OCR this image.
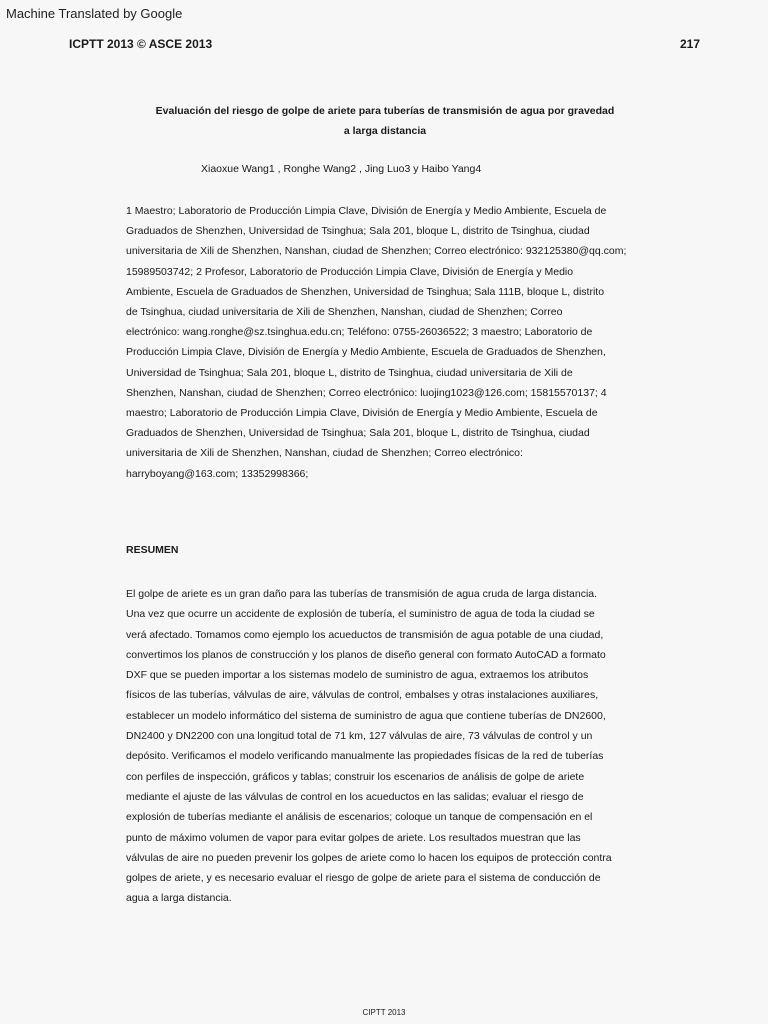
Machine Translated by Google
ICPTT 2013 © ASCE 2013	217
Evaluación del riesgo de golpe de ariete para tuberías de transmisión de agua por gravedad
a larga distancia
Xiaoxue Wang1 , Ronghe Wang2 , Jing Luo3 y Haibo Yang4
1 Maestro; Laboratorio de Producción Limpia Clave, División de Energía y Medio Ambiente, Escuela de
Graduados de Shenzhen, Universidad de Tsinghua; Sala 201, bloque L, distrito de Tsinghua, ciudad
universitaria de Xili de Shenzhen, Nanshan, ciudad de Shenzhen; Correo electrónico: 932125380@qq.com;
15989503742; 2 Profesor, Laboratorio de Producción Limpia Clave, División de Energía y Medio
Ambiente, Escuela de Graduados de Shenzhen, Universidad de Tsinghua; Sala 111B, bloque L, distrito
de Tsinghua, ciudad universitaria de Xili de Shenzhen, Nanshan, ciudad de Shenzhen; Correo
electrónico: wang.ronghe@sz.tsinghua.edu.cn; Teléfono: 0755-26036522; 3 maestro; Laboratorio de
Producción Limpia Clave, División de Energía y Medio Ambiente, Escuela de Graduados de Shenzhen,
Universidad de Tsinghua; Sala 201, bloque L, distrito de Tsinghua, ciudad universitaria de Xili de
Shenzhen, Nanshan, ciudad de Shenzhen; Correo electrónico: luojing1023@126.com; 15815570137; 4
maestro; Laboratorio de Producción Limpia Clave, División de Energía y Medio Ambiente, Escuela de
Graduados de Shenzhen, Universidad de Tsinghua; Sala 201, bloque L, distrito de Tsinghua, ciudad
universitaria de Xili de Shenzhen, Nanshan, ciudad de Shenzhen; Correo electrónico:
harryboyang@163.com; 13352998366;
RESUMEN
El golpe de ariete es un gran daño para las tuberías de transmisión de agua cruda de larga distancia.
Una vez que ocurre un accidente de explosión de tubería, el suministro de agua de toda la ciudad se
verá afectado. Tomamos como ejemplo los acueductos de transmisión de agua potable de una ciudad,
convertimos los planos de construcción y los planos de diseño general con formato AutoCAD a formato
DXF que se pueden importar a los sistemas modelo de suministro de agua, extraemos los atributos
físicos de las tuberías, válvulas de aire, válvulas de control, embalses y otras instalaciones auxiliares,
establecer un modelo informático del sistema de suministro de agua que contiene tuberías de DN2600,
DN2400 y DN2200 con una longitud total de 71 km, 127 válvulas de aire, 73 válvulas de control y un
depósito. Verificamos el modelo verificando manualmente las propiedades físicas de la red de tuberías
con perfiles de inspección, gráficos y tablas; construir los escenarios de análisis de golpe de ariete
mediante el ajuste de las válvulas de control en los acueductos en las salidas; evaluar el riesgo de
explosión de tuberías mediante el análisis de escenarios; coloque un tanque de compensación en el
punto de máximo volumen de vapor para evitar golpes de ariete. Los resultados muestran que las
válvulas de aire no pueden prevenir los golpes de ariete como lo hacen los equipos de protección contra
golpes de ariete, y es necesario evaluar el riesgo de golpe de ariete para el sistema de conducción de
agua a larga distancia.
CIPTT 2013
